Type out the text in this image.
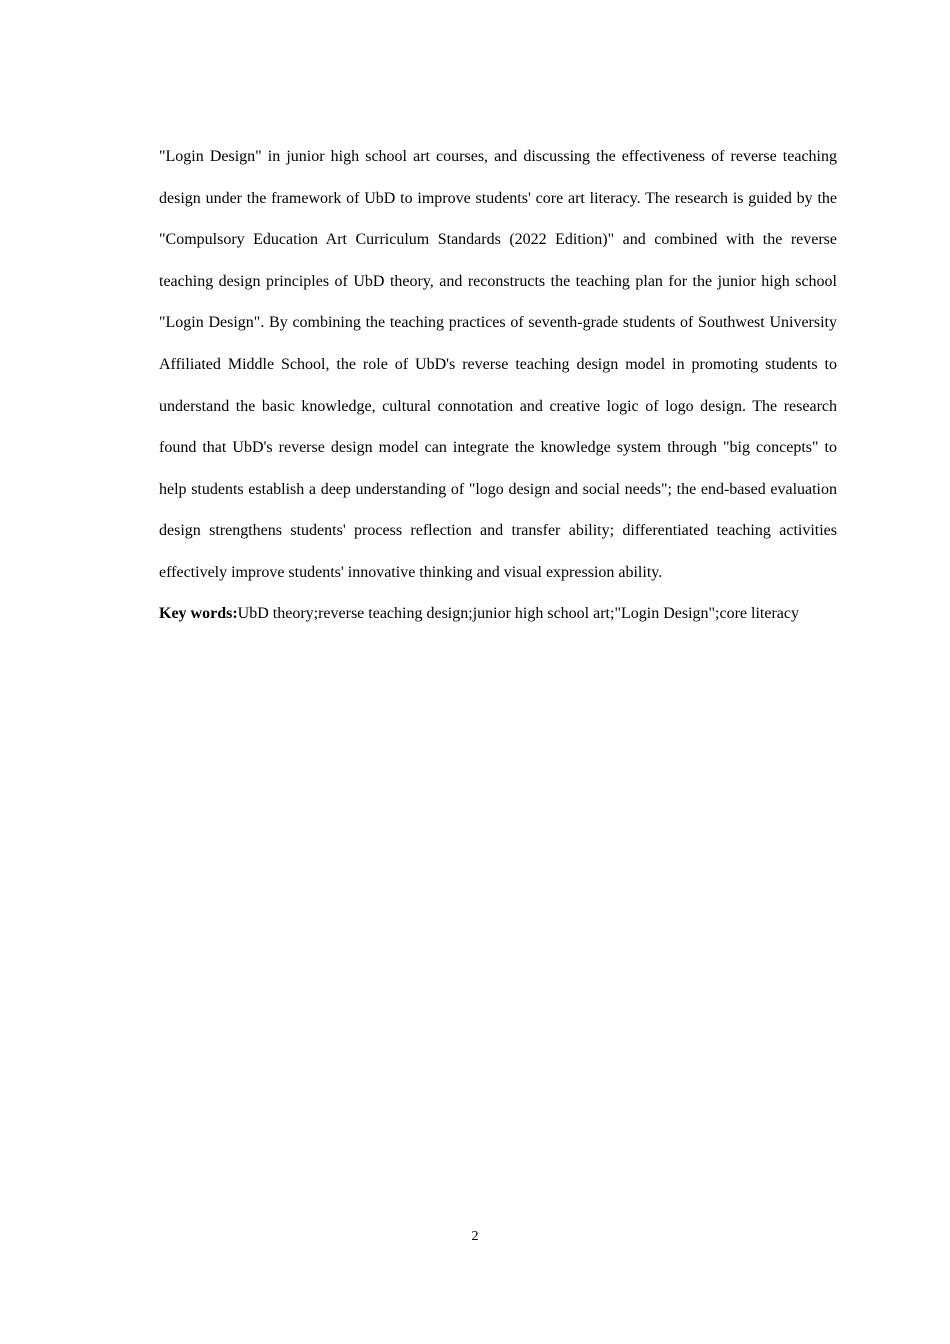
"Login Design" in junior high school art courses, and discussing the effectiveness of reverse teaching design under the framework of UbD to improve students' core art literacy. The research is guided by the "Compulsory Education Art Curriculum Standards (2022 Edition)" and combined with the reverse teaching design principles of UbD theory, and reconstructs the teaching plan for the junior high school "Login Design". By combining the teaching practices of seventh-grade students of Southwest University Affiliated Middle School, the role of UbD's reverse teaching design model in promoting students to understand the basic knowledge, cultural connotation and creative logic of logo design. The research found that UbD's reverse design model can integrate the knowledge system through "big concepts" to help students establish a deep understanding of "logo design and social needs"; the end-based evaluation design strengthens students' process reflection and transfer ability; differentiated teaching activities effectively improve students' innovative thinking and visual expression ability.

Key words:UbD theory;reverse teaching design;junior high school art;"Login Design";core literacy

2
